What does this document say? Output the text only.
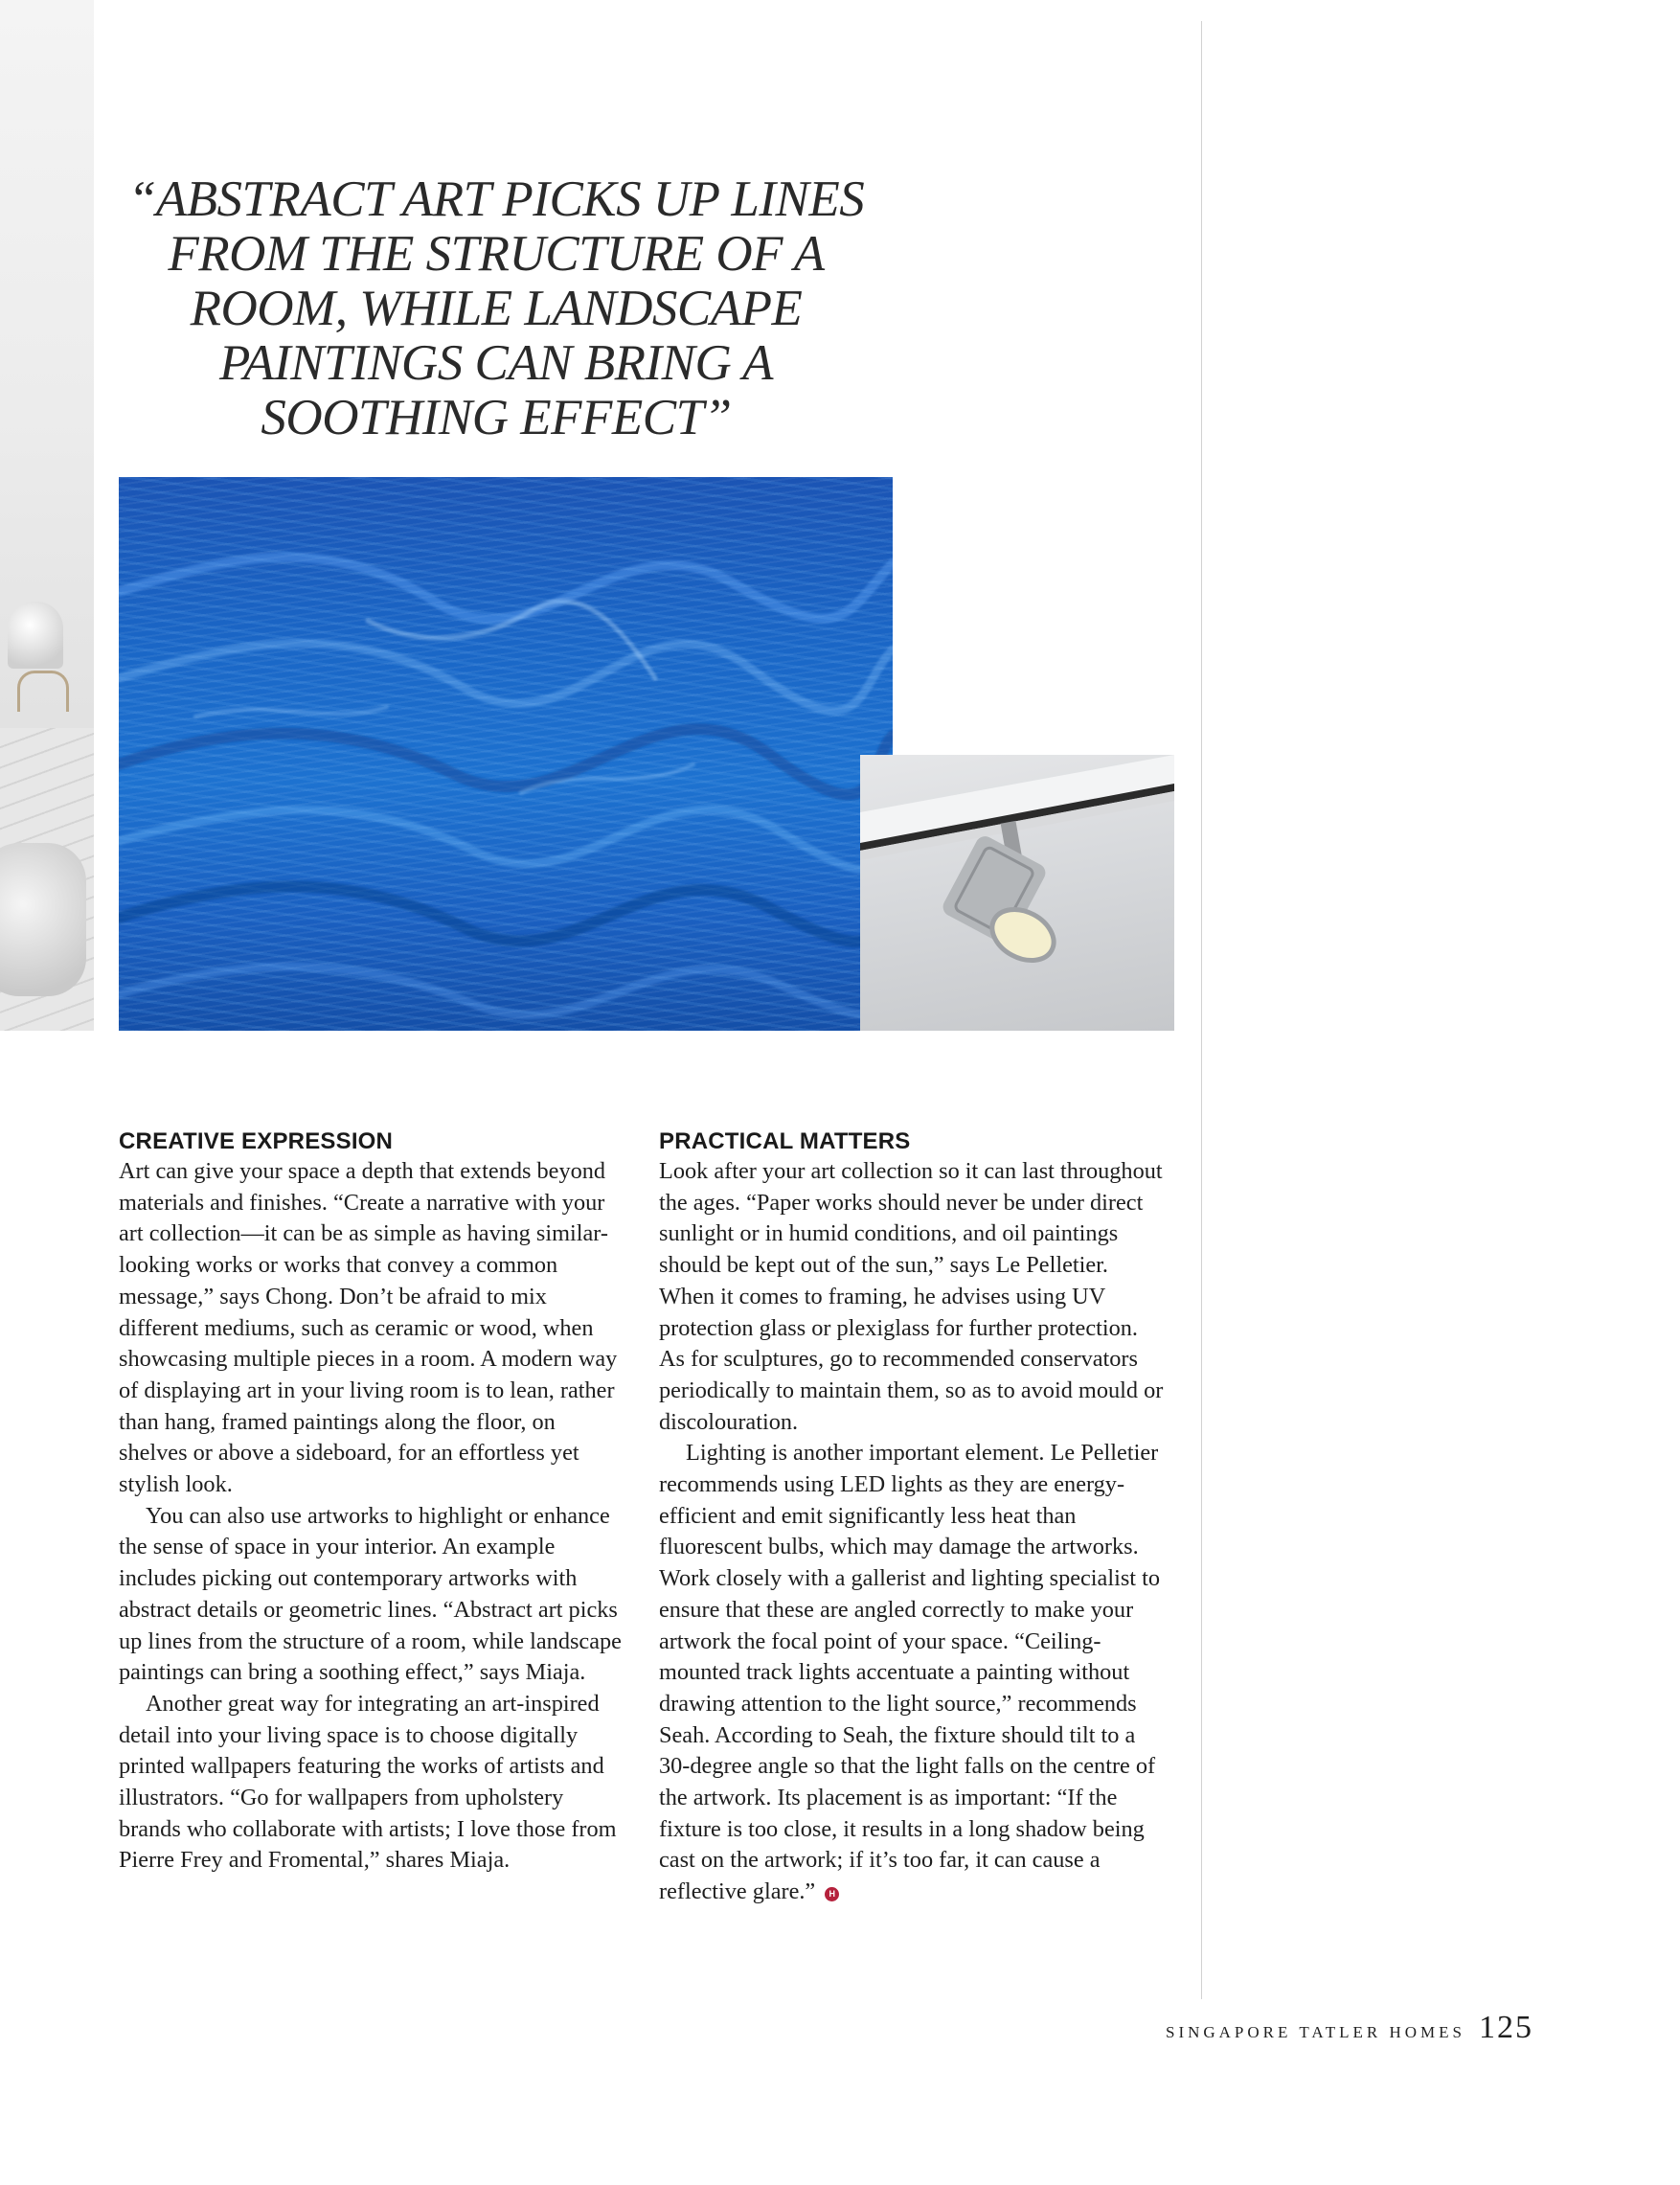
“ABSTRACT ART PICKS UP LINES FROM THE STRUCTURE OF A ROOM, WHILE LANDSCAPE PAINTINGS CAN BRING A SOOTHING EFFECT”
CREATIVE EXPRESSION

Art can give your space a depth that extends beyond materials and finishes. “Create a narrative with your art collection—it can be as simple as having similar-looking works or works that convey a common message,” says Chong. Don’t be afraid to mix different mediums, such as ceramic or wood, when showcasing multiple pieces in a room. A modern way of displaying art in your living room is to lean, rather than hang, framed paintings along the floor, on shelves or above a sideboard, for an effortless yet stylish look.

You can also use artworks to highlight or enhance the sense of space in your interior. An example includes picking out contemporary artworks with abstract details or geometric lines. “Abstract art picks up lines from the structure of a room, while landscape paintings can bring a soothing effect,” says Miaja.

Another great way for integrating an art-inspired detail into your living space is to choose digitally printed wallpapers featuring the works of artists and illustrators. “Go for wallpapers from upholstery brands who collaborate with artists; I love those from Pierre Frey and Fromental,” shares Miaja.

PRACTICAL MATTERS

Look after your art collection so it can last throughout the ages. “Paper works should never be under direct sunlight or in humid conditions, and oil paintings should be kept out of the sun,” says Le Pelletier. When it comes to framing, he advises using UV protection glass or plexiglass for further protection. As for sculptures, go to recommended conservators periodically to maintain them, so as to avoid mould or discolouration.

Lighting is another important element. Le Pelletier recommends using LED lights as they are energy-efficient and emit significantly less heat than fluorescent bulbs, which may damage the artworks. Work closely with a gallerist and lighting specialist to ensure that these are angled correctly to make your artwork the focal point of your space. “Ceiling-mounted track lights accentuate a painting without drawing attention to the light source,” recommends Seah. According to Seah, the fixture should tilt to a 30-degree angle so that the light falls on the centre of the artwork. Its placement is as important: “If the fixture is too close, it results in a long shadow being cast on the artwork; if it’s too far, it can cause a reflective glare.” H

SINGAPORE TATLER HOMES 125
